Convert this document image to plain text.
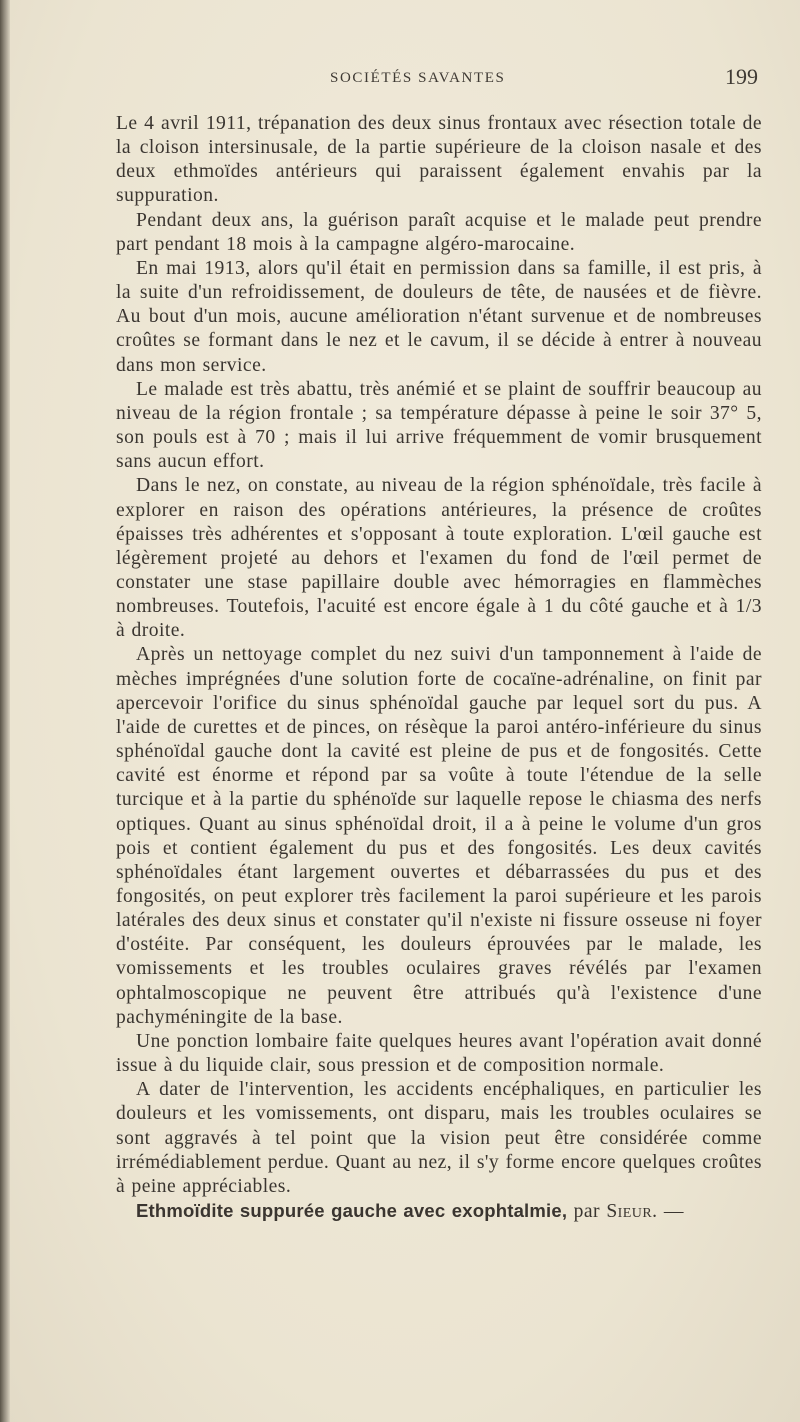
SOCIÉTÉS SAVANTES	199

Le 4 avril 1911, trépanation des deux sinus frontaux avec résection totale de la cloison intersinusale, de la partie supérieure de la cloison nasale et des deux ethmoïdes antérieurs qui paraissent également envahis par la suppuration.

Pendant deux ans, la guérison paraît acquise et le malade peut prendre part pendant 18 mois à la campagne algéro-marocaine.

En mai 1913, alors qu'il était en permission dans sa famille, il est pris, à la suite d'un refroidissement, de douleurs de tête, de nausées et de fièvre. Au bout d'un mois, aucune amélioration n'étant survenue et de nombreuses croûtes se formant dans le nez et le cavum, il se décide à entrer à nouveau dans mon service.

Le malade est très abattu, très anémié et se plaint de souffrir beaucoup au niveau de la région frontale ; sa température dépasse à peine le soir 37° 5, son pouls est à 70 ; mais il lui arrive fréquemment de vomir brusquement sans aucun effort.

Dans le nez, on constate, au niveau de la région sphénoïdale, très facile à explorer en raison des opérations antérieures, la présence de croûtes épaisses très adhérentes et s'opposant à toute exploration. L'œil gauche est légèrement projeté au dehors et l'examen du fond de l'œil permet de constater une stase papillaire double avec hémorragies en flammèches nombreuses. Toutefois, l'acuité est encore égale à 1 du côté gauche et à 1/3 à droite.

Après un nettoyage complet du nez suivi d'un tamponnement à l'aide de mèches imprégnées d'une solution forte de cocaïne-adrénaline, on finit par apercevoir l'orifice du sinus sphénoïdal gauche par lequel sort du pus. A l'aide de curettes et de pinces, on résèque la paroi antéro-inférieure du sinus sphénoïdal gauche dont la cavité est pleine de pus et de fongosités. Cette cavité est énorme et répond par sa voûte à toute l'étendue de la selle turcique et à la partie du sphénoïde sur laquelle repose le chiasma des nerfs optiques. Quant au sinus sphénoïdal droit, il a à peine le volume d'un gros pois et contient également du pus et des fongosités. Les deux cavités sphénoïdales étant largement ouvertes et débarrassées du pus et des fongosités, on peut explorer très facilement la paroi supérieure et les parois latérales des deux sinus et constater qu'il n'existe ni fissure osseuse ni foyer d'ostéite. Par conséquent, les douleurs éprouvées par le malade, les vomissements et les troubles oculaires graves révélés par l'examen ophtalmoscopique ne peuvent être attribués qu'à l'existence d'une pachyméningite de la base.

Une ponction lombaire faite quelques heures avant l'opération avait donné issue à du liquide clair, sous pression et de composition normale.

A dater de l'intervention, les accidents encéphaliques, en particulier les douleurs et les vomissements, ont disparu, mais les troubles oculaires se sont aggravés à tel point que la vision peut être considérée comme irrémédiablement perdue. Quant au nez, il s'y forme encore quelques croûtes à peine appréciables.

Ethmoïdite suppurée gauche avec exophtalmie, par Sieur. —
